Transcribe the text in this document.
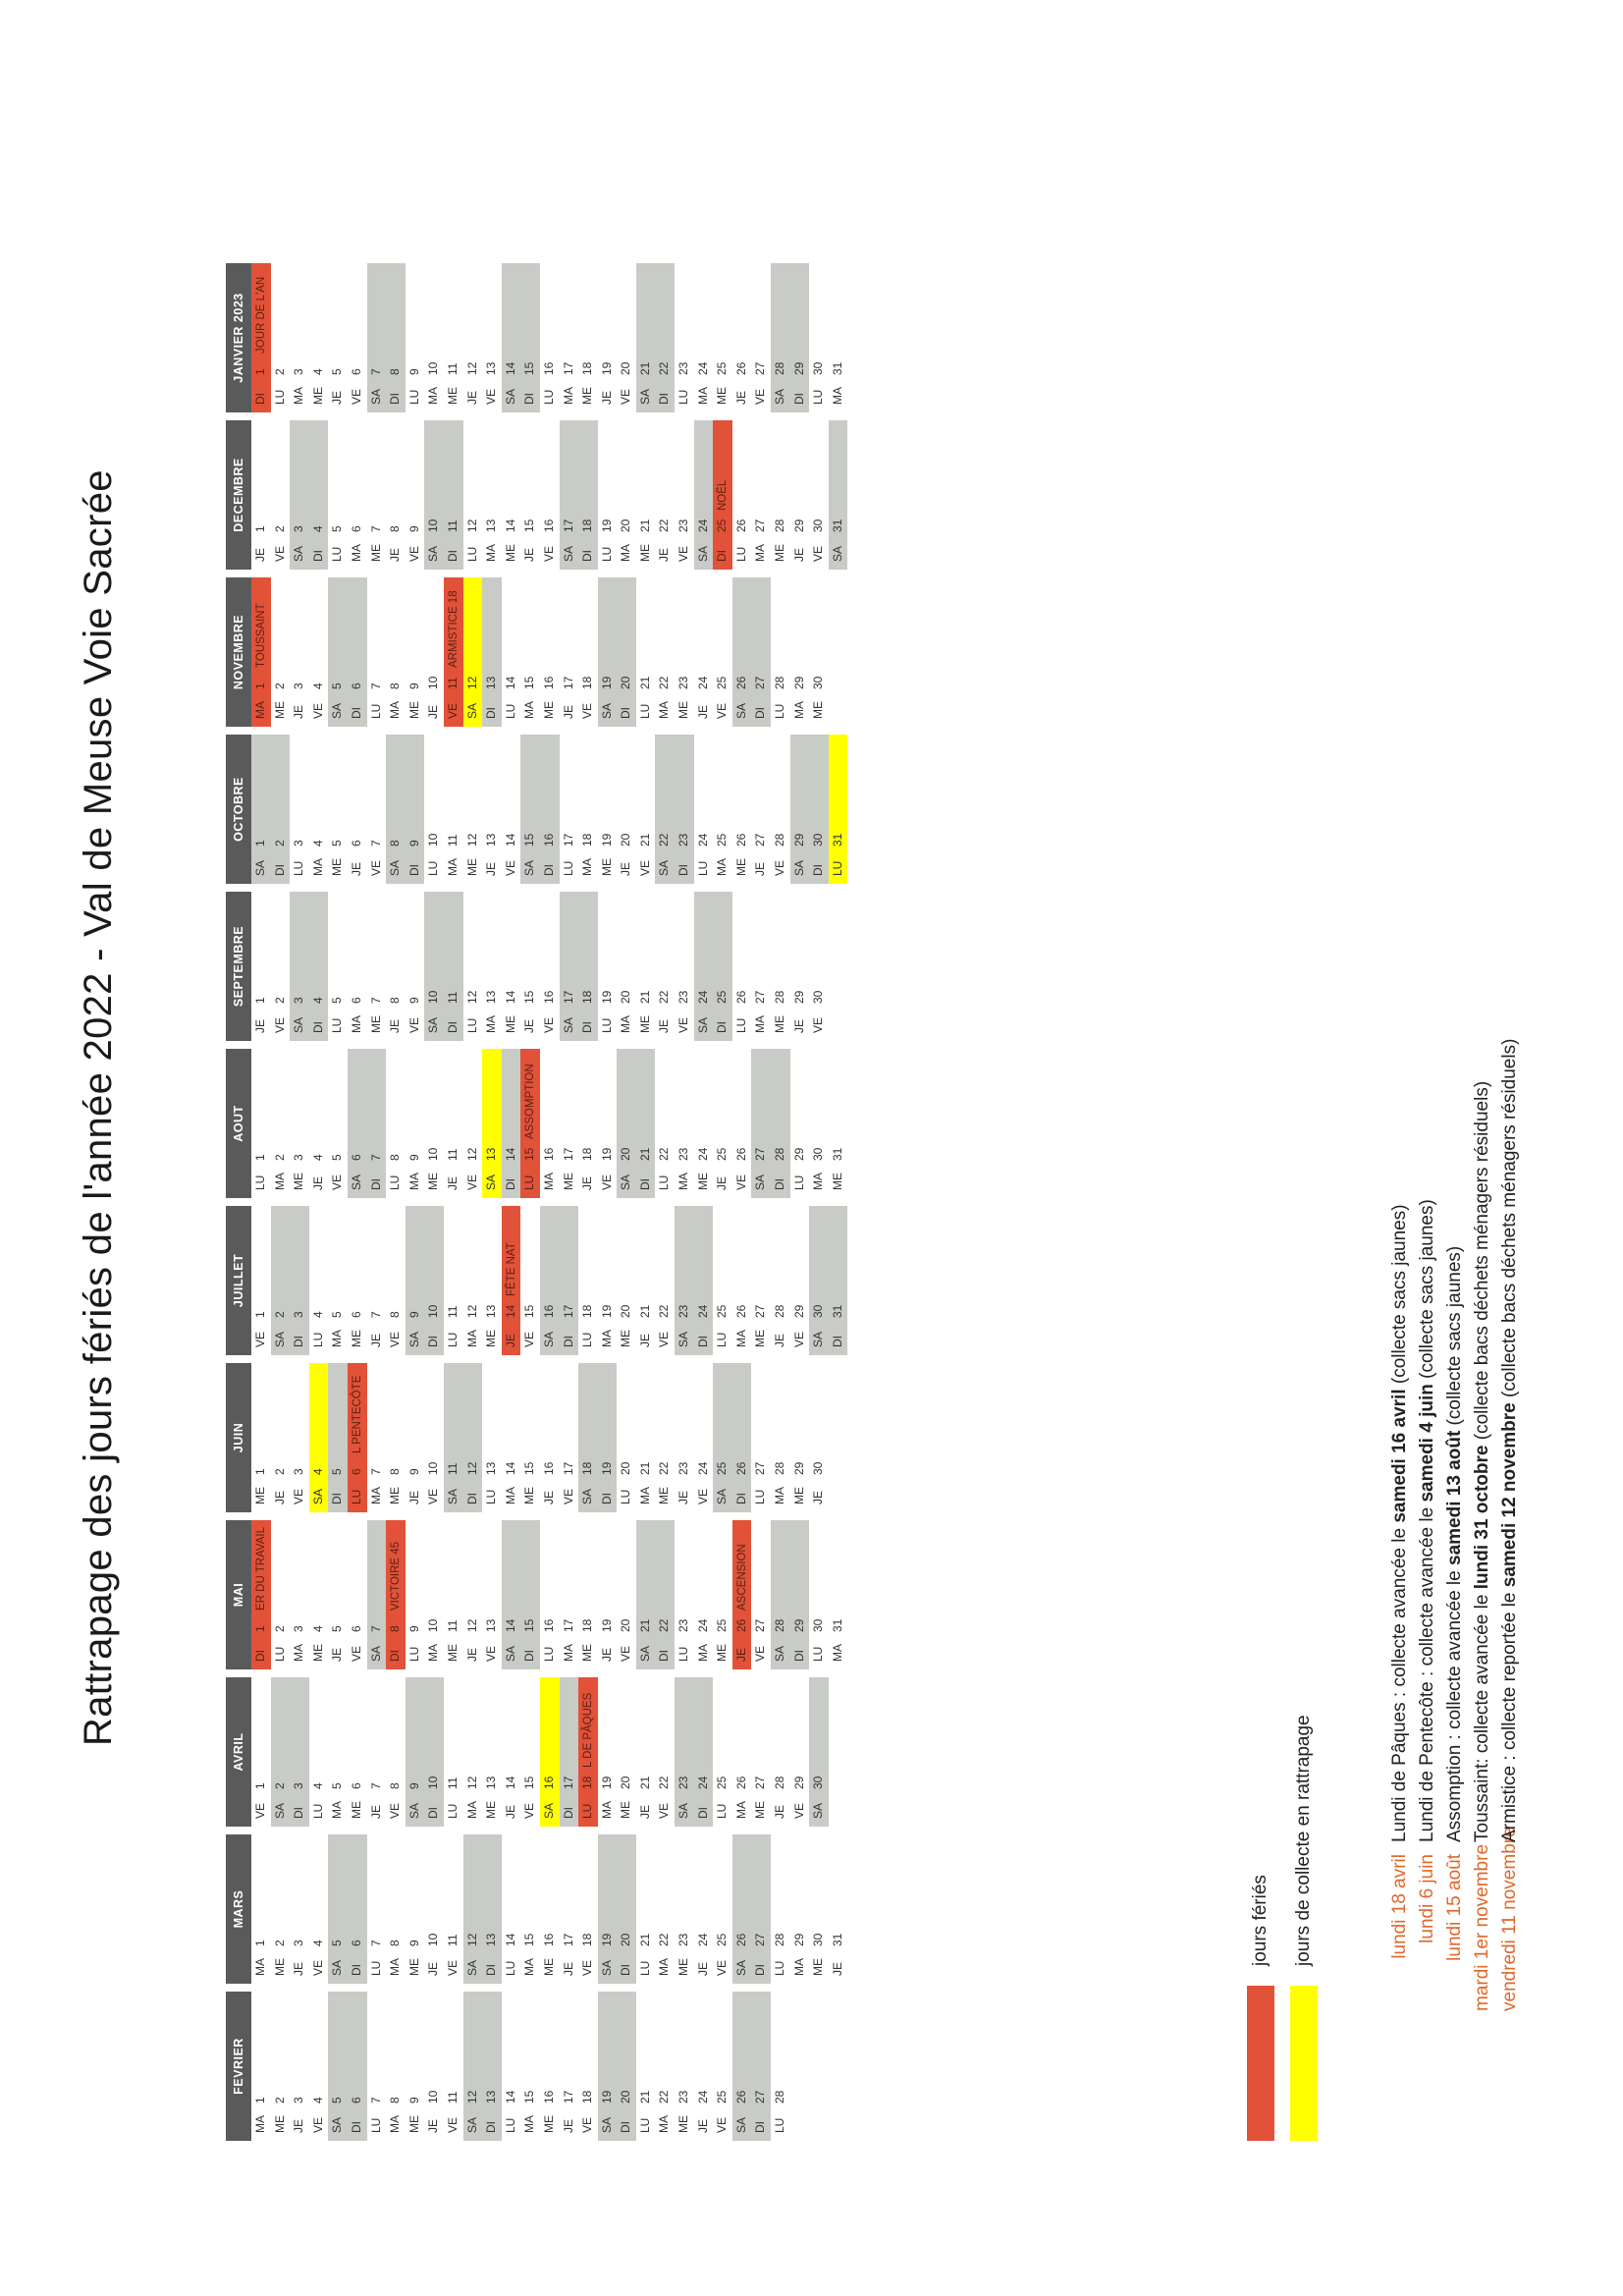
Rattrapage des jours fériés de l'année 2022 - Val de Meuse Voie Sacrée
FEVRIER
MA1
ME2
JE3
VE4
SA5
DI6
LU7
MA8
ME9
JE10
VE11
SA12
DI13
LU14
MA15
ME16
JE17
VE18
SA19
DI20
LU21
MA22
ME23
JE24
VE25
SA26
DI27
LU28
MARS
MA1
ME2
JE3
VE4
SA5
DI6
LU7
MA8
ME9
JE10
VE11
SA12
DI13
LU14
MA15
ME16
JE17
VE18
SA19
DI20
LU21
MA22
ME23
JE24
VE25
SA26
DI27
LU28
MA29
ME30
JE31
AVRIL
VE1
SA2
DI3
LU4
MA5
ME6
JE7
VE8
SA9
DI10
LU11
MA12
ME13
JE14
VE15
SA16
DI17
LU18L DE PÂQUES
MA19
ME20
JE21
VE22
SA23
DI24
LU25
MA26
ME27
JE28
VE29
SA30
MAI
DI1ER DU TRAVAIL
LU2
MA3
ME4
JE5
VE6
SA7
DI8VICTOIRE 45
LU9
MA10
ME11
JE12
VE13
SA14
DI15
LU16
MA17
ME18
JE19
VE20
SA21
DI22
LU23
MA24
ME25
JE26ASCENSION
VE27
SA28
DI29
LU30
MA31
JUIN
ME1
JE2
VE3
SA4
DI5
LU6L PENTECÔTE
MA7
ME8
JE9
VE10
SA11
DI12
LU13
MA14
ME15
JE16
VE17
SA18
DI19
LU20
MA21
ME22
JE23
VE24
SA25
DI26
LU27
MA28
ME29
JE30
JUILLET
VE1
SA2
DI3
LU4
MA5
ME6
JE7
VE8
SA9
DI10
LU11
MA12
ME13
JE14FÊTE NAT
VE15
SA16
DI17
LU18
MA19
ME20
JE21
VE22
SA23
DI24
LU25
MA26
ME27
JE28
VE29
SA30
DI31
AOUT
LU1
MA2
ME3
JE4
VE5
SA6
DI7
LU8
MA9
ME10
JE11
VE12
SA13
DI14
LU15ASSOMPTION
MA16
ME17
JE18
VE19
SA20
DI21
LU22
MA23
ME24
JE25
VE26
SA27
DI28
LU29
MA30
ME31
SEPTEMBRE
JE1
VE2
SA3
DI4
LU5
MA6
ME7
JE8
VE9
SA10
DI11
LU12
MA13
ME14
JE15
VE16
SA17
DI18
LU19
MA20
ME21
JE22
VE23
SA24
DI25
LU26
MA27
ME28
JE29
VE30
OCTOBRE
SA1
DI2
LU3
MA4
ME5
JE6
VE7
SA8
DI9
LU10
MA11
ME12
JE13
VE14
SA15
DI16
LU17
MA18
ME19
JE20
VE21
SA22
DI23
LU24
MA25
ME26
JE27
VE28
SA29
DI30
LU31
NOVEMBRE
MA1TOUSSAINT
ME2
JE3
VE4
SA5
DI6
LU7
MA8
ME9
JE10
VE11ARMISTICE 18
SA12
DI13
LU14
MA15
ME16
JE17
VE18
SA19
DI20
LU21
MA22
ME23
JE24
VE25
SA26
DI27
LU28
MA29
ME30
DECEMBRE
JE1
VE2
SA3
DI4
LU5
MA6
ME7
JE8
VE9
SA10
DI11
LU12
MA13
ME14
JE15
VE16
SA17
DI18
LU19
MA20
ME21
JE22
VE23
SA24
DI25NOËL
LU26
MA27
ME28
JE29
VE30
SA31
JANVIER 2023
DI1JOUR DE L'AN
LU2
MA3
ME4
JE5
VE6
SA7
DI8
LU9
MA10
ME11
JE12
VE13
SA14
DI15
LU16
MA17
ME18
JE19
VE20
SA21
DI22
LU23
MA24
ME25
JE26
VE27
SA28
DI29
LU30
MA31
jours fériés jours de collecte en rattrapage	lundi 18 avrilLundi de Pâques : collecte avancée le samedi 16 avril (collecte sacs jaunes)
lundi 6 juinLundi de Pentecôte : collecte avancée le samedi 4 juin (collecte sacs jaunes)
lundi 15 aoûtAssomption : collecte avancée le samedi 13 août (collecte sacs jaunes)
mardi 1er novembreToussaint: collecte avancée le lundi 31 octobre (collecte bacs déchets ménagers résiduels)
vendredi 11 novembreArmistice : collecte reportée le samedi 12 novembre (collecte bacs déchets ménagers résiduels)
